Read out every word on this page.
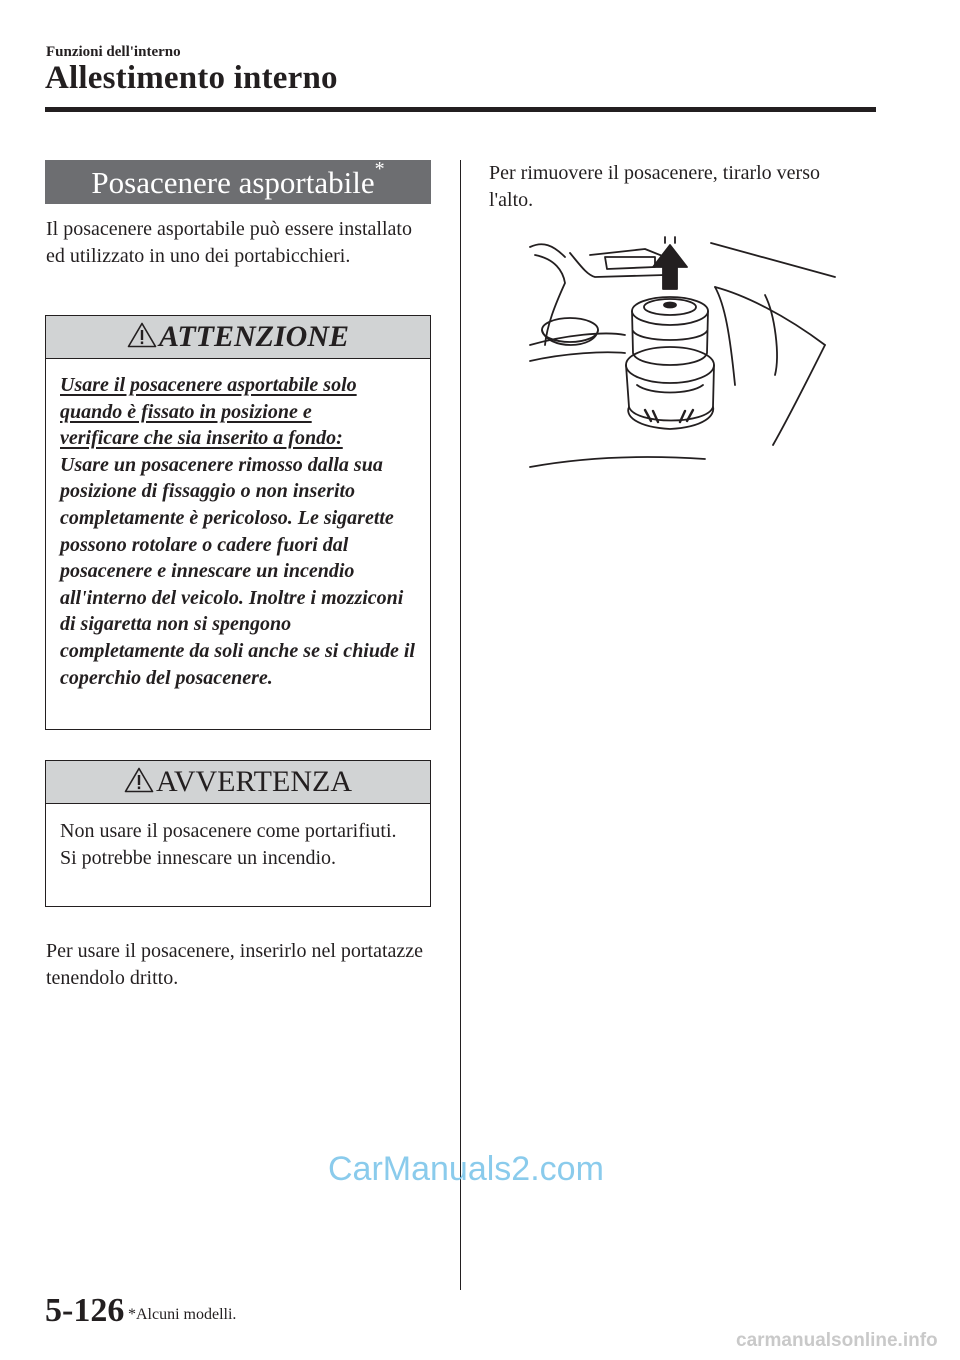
Funzioni dell'interno
Allestimento interno
Posacenere asportabile*
Il posacenere asportabile può essere installato ed utilizzato in uno dei portabicchieri.
ATTENZIONE
Usare il posacenere asportabile solo
quando è fissato in posizione e
verificare che sia inserito a fondo:
Usare un posacenere rimosso dalla sua posizione di fissaggio o non inserito completamente è pericoloso. Le sigarette possono rotolare o cadere fuori dal posacenere e innescare un incendio all'interno del veicolo. Inoltre i mozziconi di sigaretta non si spengono completamente da soli anche se si chiude il coperchio del posacenere.
AVVERTENZA
Non usare il posacenere come portarifiuti. Si potrebbe innescare un incendio.
Per usare il posacenere, inserirlo nel portatazze tenendolo dritto.
Per rimuovere il posacenere, tirarlo verso l'alto.
CarManuals2.com
5-126 *Alcuni modelli.
carmanualsonline.info
